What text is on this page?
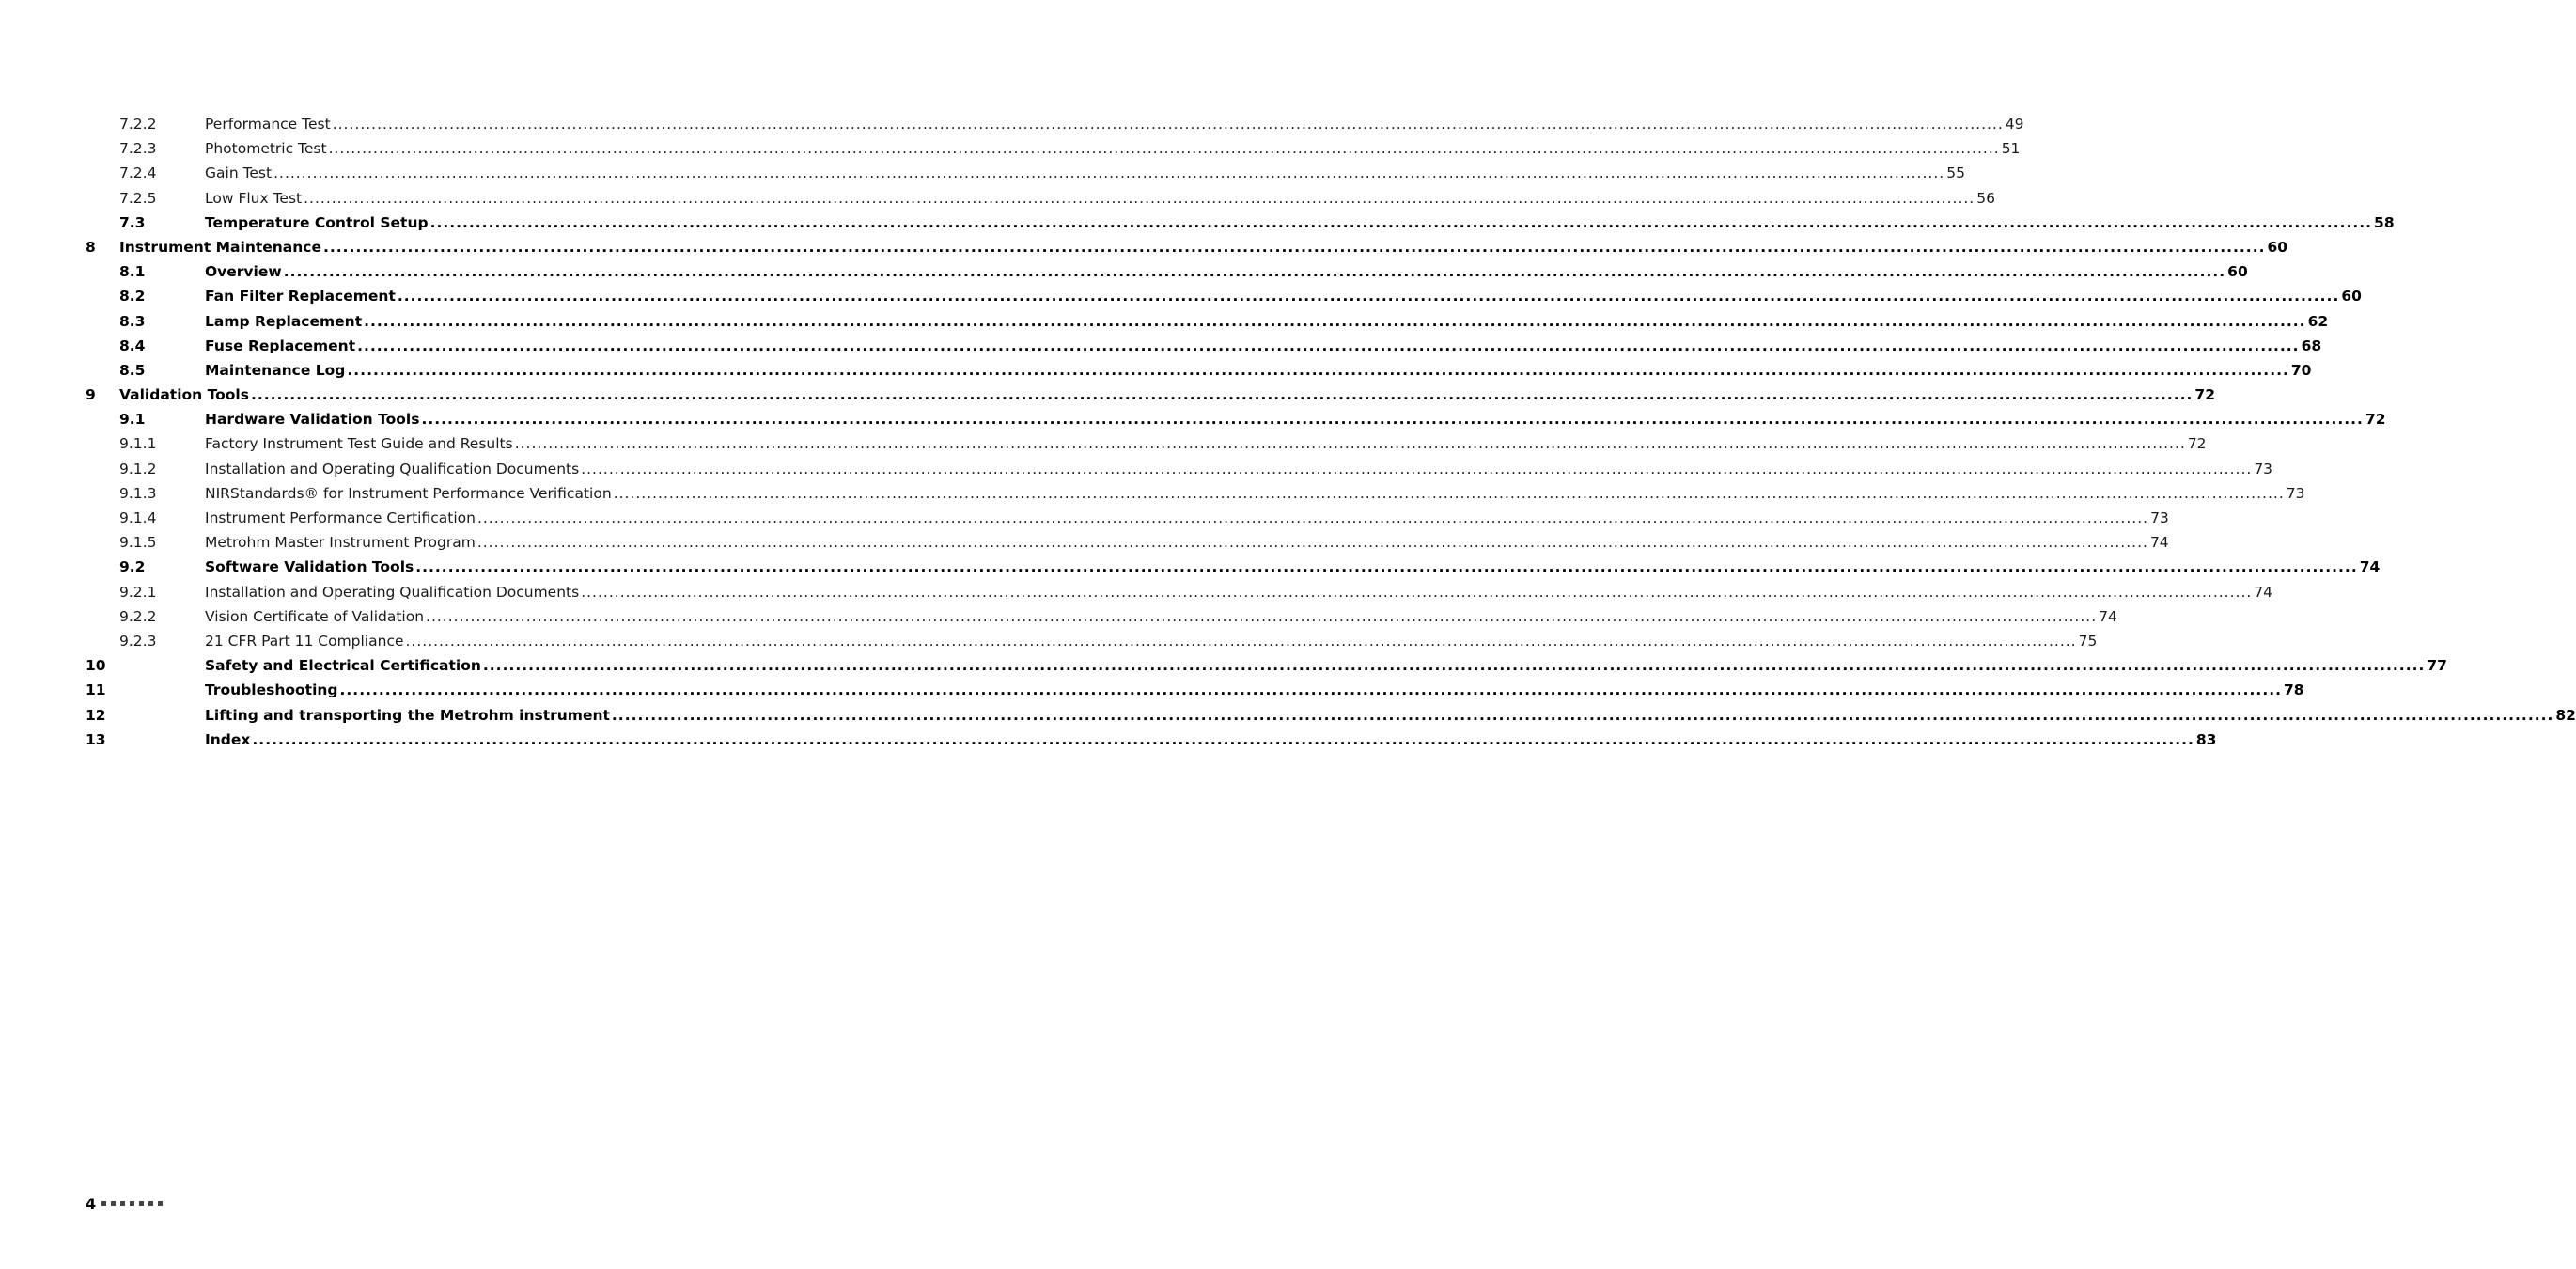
7.2.2	Performance Test ............................................................................................................................................................................................................................................................................................................ 49
7.2.3	Photometric Test ............................................................................................................................................................................................................................................................................................................ 51
7.2.4	Gain Test ............................................................................................................................................................................................................................................................................................................ 55
7.2.5	Low Flux Test ............................................................................................................................................................................................................................................................................................................ 56
7.3	Temperature Control Setup ............................................................................................................................................................................................................................................................................................................ 58
8 Instrument Maintenance ............................................................................................................................................................................................................................................................................................................ 60
8.1	Overview ............................................................................................................................................................................................................................................................................................................ 60
8.2	Fan Filter Replacement ............................................................................................................................................................................................................................................................................................................ 60
8.3	Lamp Replacement ............................................................................................................................................................................................................................................................................................................ 62
8.4	Fuse Replacement ............................................................................................................................................................................................................................................................................................................ 68
8.5	Maintenance Log ............................................................................................................................................................................................................................................................................................................ 70
9 Validation Tools ............................................................................................................................................................................................................................................................................................................ 72
9.1	Hardware Validation Tools ............................................................................................................................................................................................................................................................................................................ 72
9.1.1	Factory Instrument Test Guide and Results ............................................................................................................................................................................................................................................................................................................ 72
9.1.2	Installation and Operating Qualification Documents ............................................................................................................................................................................................................................................................................................................ 73
9.1.3	NIRStandards® for Instrument Performance Verification ............................................................................................................................................................................................................................................................................................................ 73
9.1.4	Instrument Performance Certification ............................................................................................................................................................................................................................................................................................................ 73
9.1.5	Metrohm Master Instrument Program ............................................................................................................................................................................................................................................................................................................ 74
9.2	Software Validation Tools ............................................................................................................................................................................................................................................................................................................ 74
9.2.1	Installation and Operating Qualification Documents ............................................................................................................................................................................................................................................................................................................ 74
9.2.2	Vision Certificate of Validation ............................................................................................................................................................................................................................................................................................................ 74
9.2.3	21 CFR Part 11 Compliance ............................................................................................................................................................................................................................................................................................................ 75
10	Safety and Electrical Certification ............................................................................................................................................................................................................................................................................................................ 77
11	Troubleshooting ............................................................................................................................................................................................................................................................................................................ 78
12	Lifting and transporting the Metrohm instrument ............................................................................................................................................................................................................................................................................................................ 82
13	Index ............................................................................................................................................................................................................................................................................................................ 83
4
